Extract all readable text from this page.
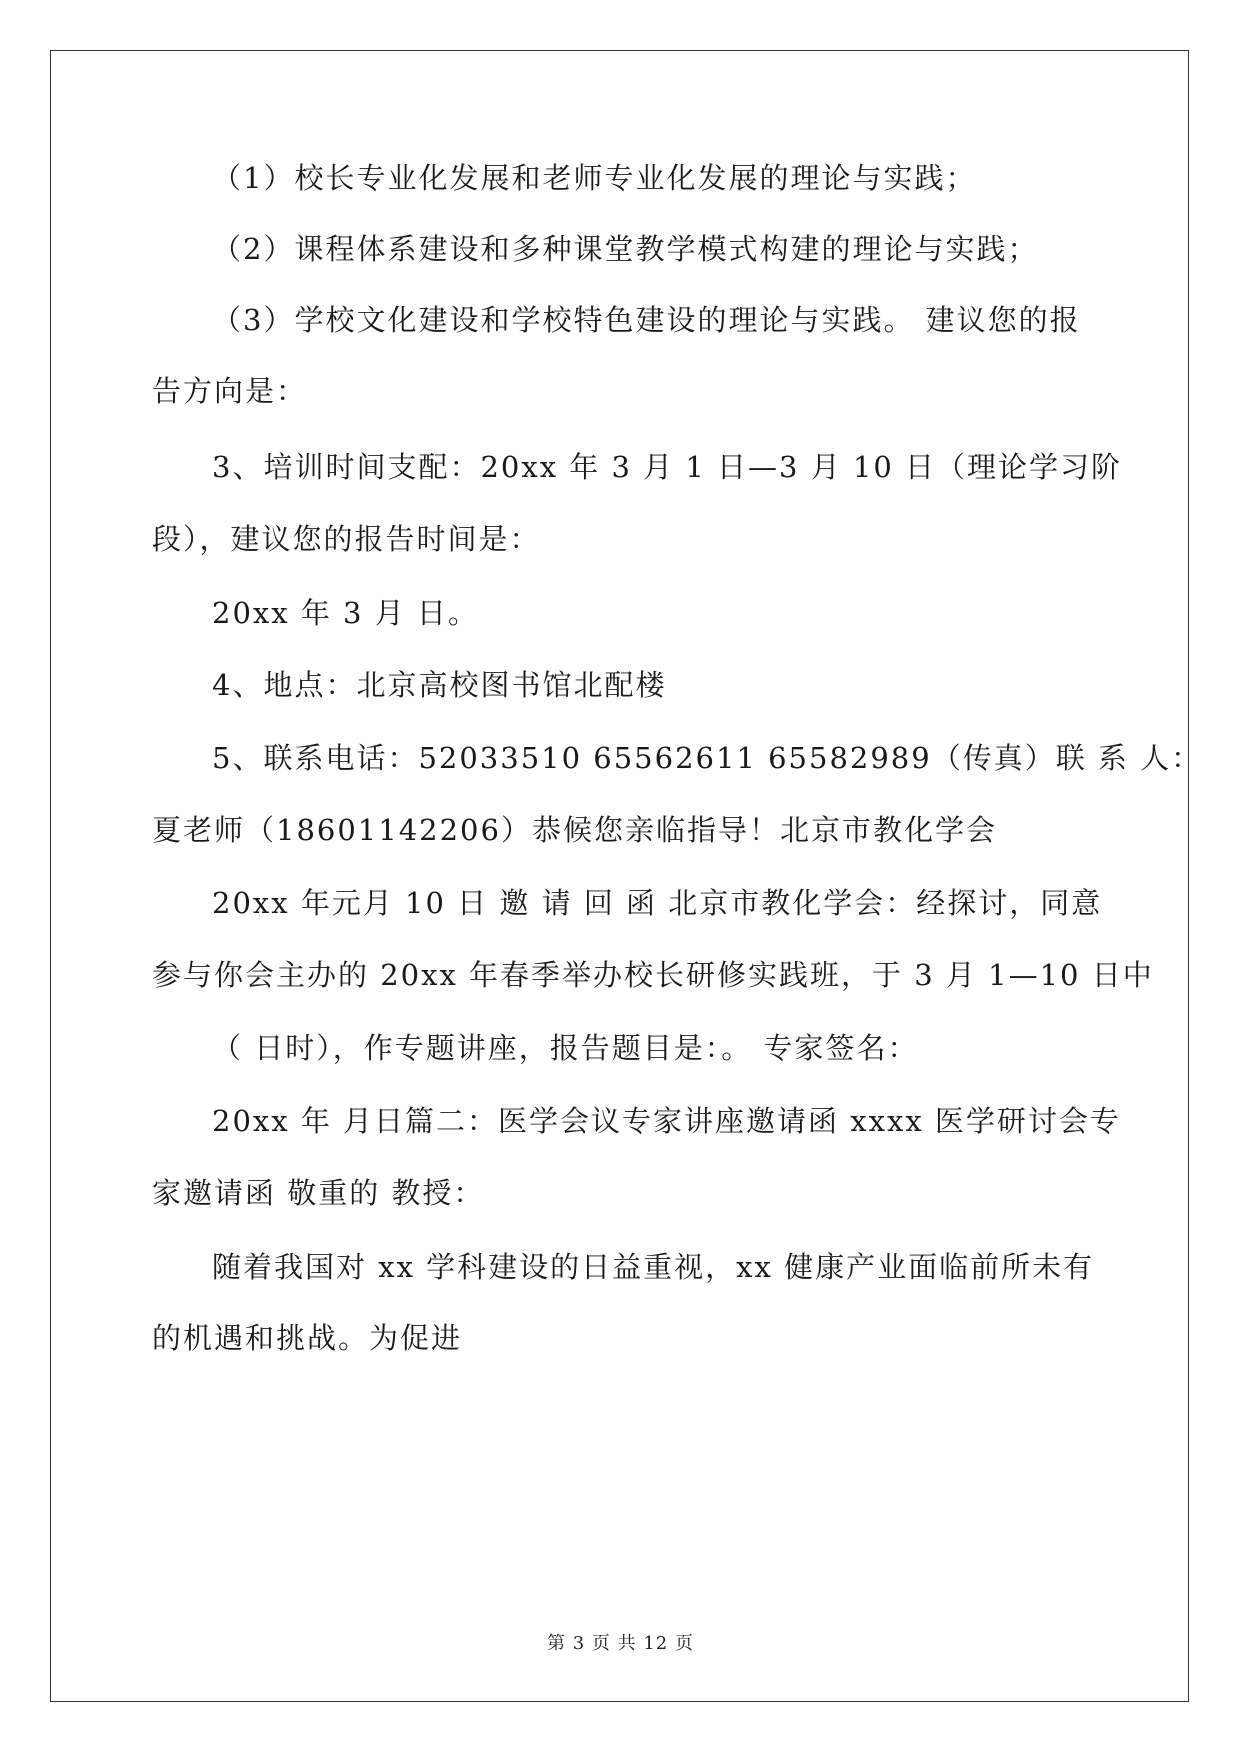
（1）校长专业化发展和老师专业化发展的理论与实践；
（2）课程体系建设和多种课堂教学模式构建的理论与实践；
（3）学校文化建设和学校特色建设的理论与实践。 建议您的报
告方向是：
3、培训时间支配：20xx 年 3 月 1 日—3 月 10 日（理论学习阶
段），建议您的报告时间是：
20xx 年 3 月 日。
4、地点：北京高校图书馆北配楼
5、联系电话：52033510 65562611 65582989（传真）联 系 人：
夏老师（18601142206）恭候您亲临指导！北京市教化学会
20xx 年元月 10 日 邀 请 回 函 北京市教化学会：经探讨，同意
参与你会主办的 20xx 年春季举办校长研修实践班，于 3 月 1—10 日中
（ 日时），作专题讲座，报告题目是：。 专家签名：
20xx 年 月日篇二：医学会议专家讲座邀请函 xxxx 医学研讨会专
家邀请函 敬重的 教授：
随着我国对 xx 学科建设的日益重视，xx 健康产业面临前所未有
的机遇和挑战。为促进
第 3 页 共 12 页
